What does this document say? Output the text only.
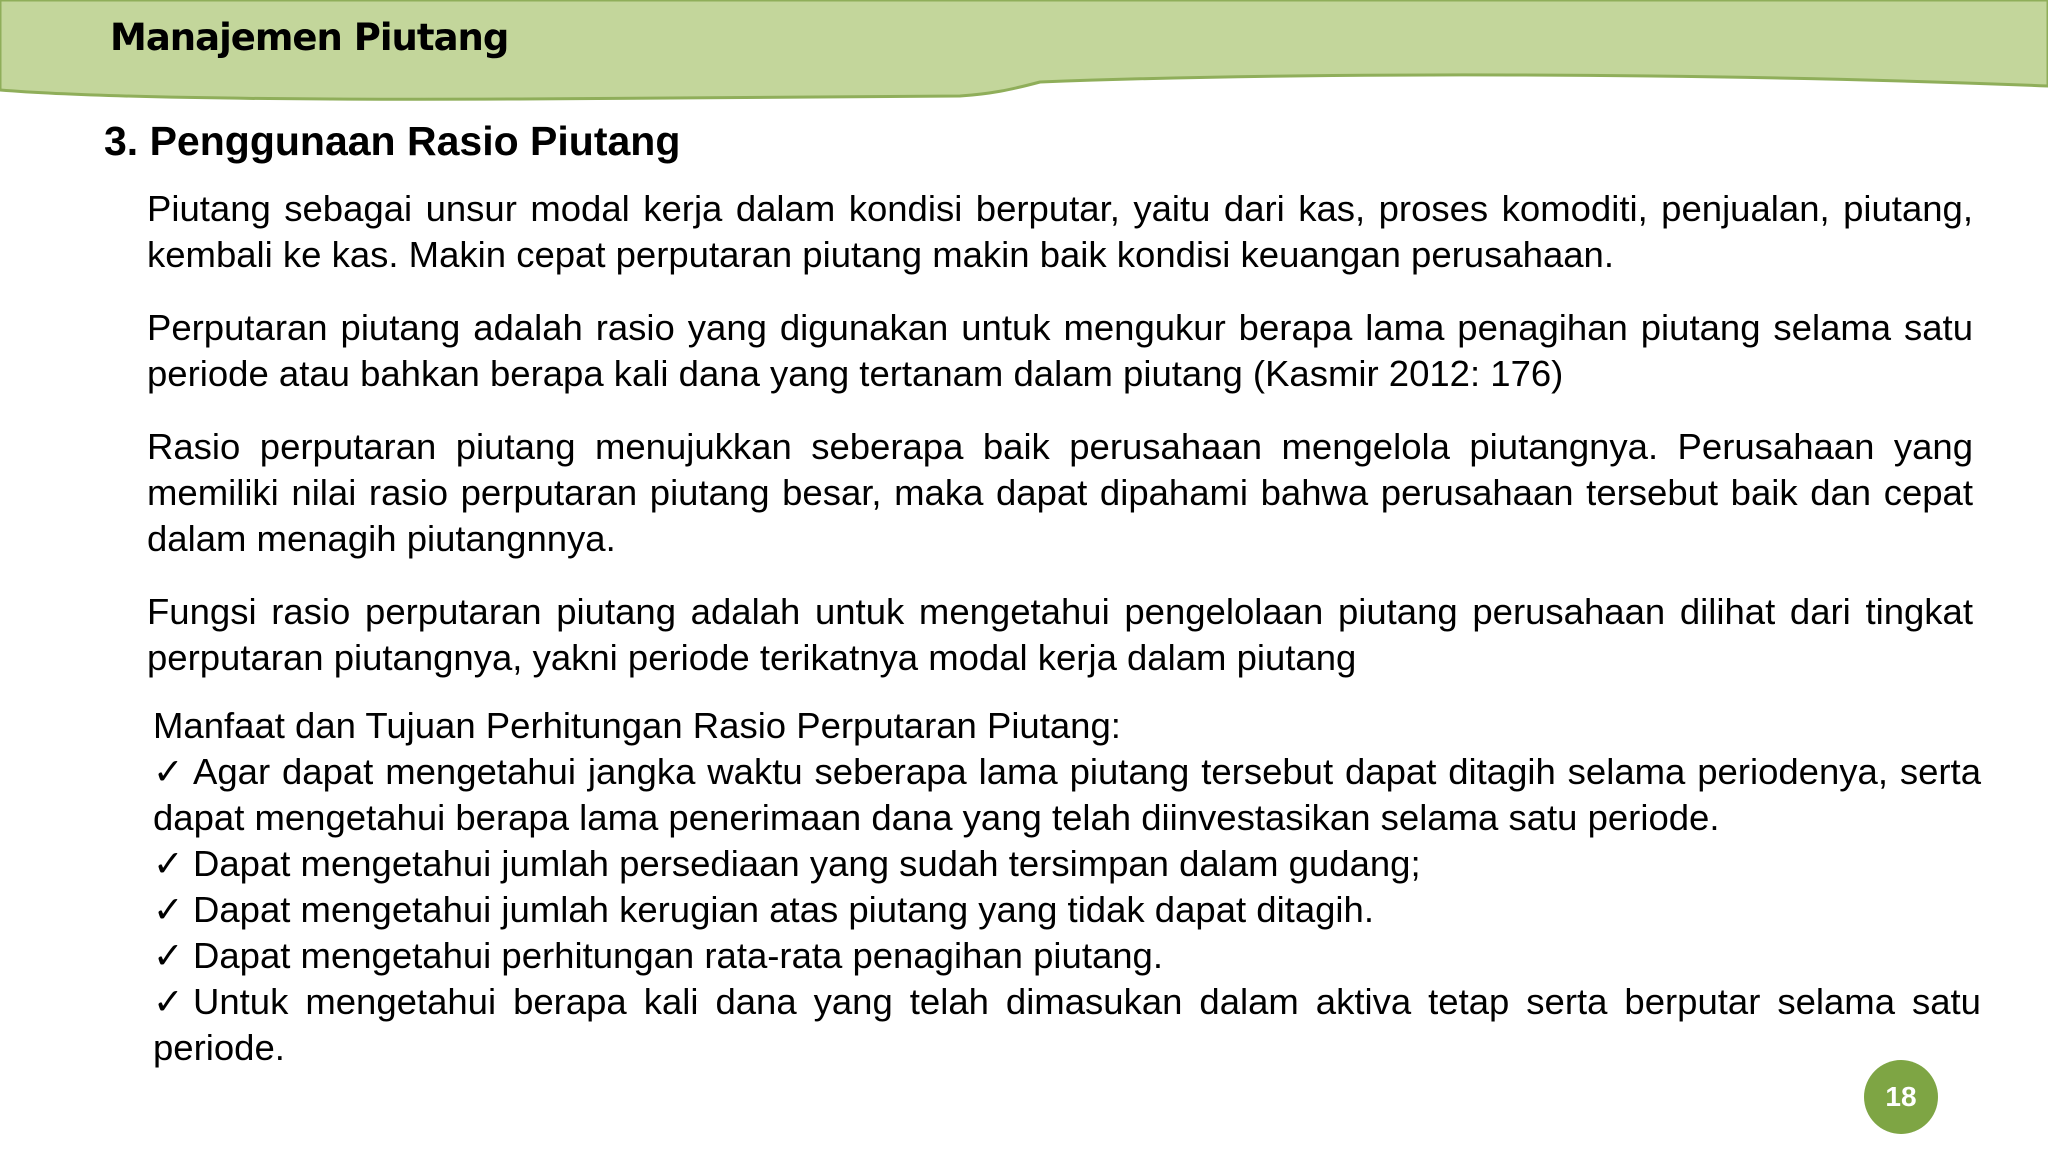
Manajemen Piutang
3. Penggunaan Rasio Piutang

Piutang sebagai unsur modal kerja dalam kondisi berputar, yaitu dari kas, proses komoditi, penjualan, piutang, kembali ke kas. Makin cepat perputaran piutang makin baik kondisi keuangan perusahaan.

Perputaran piutang adalah rasio yang digunakan untuk mengukur berapa lama penagihan piutang selama satu periode atau bahkan berapa kali dana yang tertanam dalam piutang (Kasmir 2012: 176)

Rasio perputaran piutang menujukkan seberapa baik perusahaan mengelola piutangnya. Perusahaan yang memiliki nilai rasio perputaran piutang besar, maka dapat dipahami bahwa perusahaan tersebut baik dan cepat dalam menagih piutangnnya.

Fungsi rasio perputaran piutang adalah untuk mengetahui pengelolaan piutang perusahaan dilihat dari tingkat perputaran piutangnya, yakni periode terikatnya modal kerja dalam piutang

Manfaat dan Tujuan Perhitungan Rasio Perputaran Piutang:
✓ Agar dapat mengetahui jangka waktu seberapa lama piutang tersebut dapat ditagih selama periodenya, serta dapat mengetahui berapa lama penerimaan dana yang telah diinvestasikan selama satu periode.
✓ Dapat mengetahui jumlah persediaan yang sudah tersimpan dalam gudang;
✓ Dapat mengetahui jumlah kerugian atas piutang yang tidak dapat ditagih.
✓ Dapat mengetahui perhitungan rata-rata penagihan piutang.
✓ Untuk mengetahui berapa kali dana yang telah dimasukan dalam aktiva tetap serta berputar selama satu periode.
18
